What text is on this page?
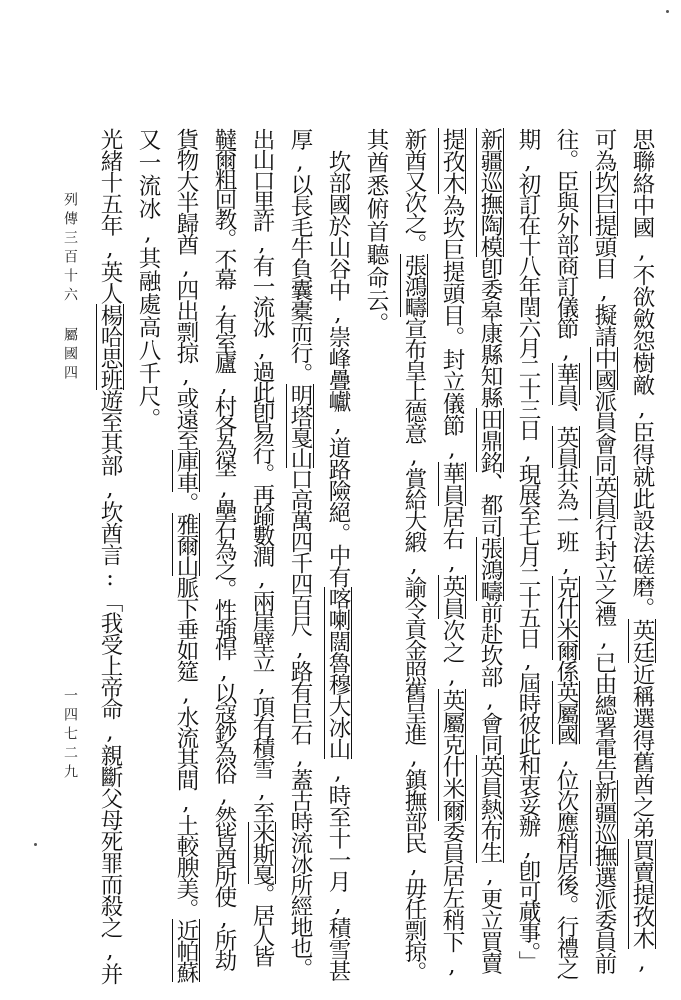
列傳三百十六 屬國四
一四七二九
光緒十五年,英人楊哈思班遊至其部,坎酋言:「我受上帝命,親斷父母死罪而殺之,并
又一流冰,其融處高八千尺。 貨物大半歸酋,四出剽掠,或遠至庫車。雅爾山脈下垂如筵,水流其間,土較腴美。近帕蘇
韃爾粗回教。不幕,有室廬,村各為堡,壘石為之。性強悍,以寇鈔為俗,然皆酋所使,所劫
出山口里許,有一流冰,過此卽易行。再踰數澗,兩崖壁立,頂有積雪,至米斯戛。居人皆
厚,以長毛牛負囊橐而行。明塔戛山口高萬四千四百尺,路有巨石,蓋古時流冰所經地也。
坎部國於山谷中,崇峰疊巘,道路險絕。中有喀喇闊魯穆大冰山,時至十一月,積雪甚
其酋悉俯首聽命云。 新酋又次之。張鴻疇宣布皇上德意,賞給大緞,諭令貢金照舊呈進,鎮撫部民,毋任剽掠。
提孜木為坎巨提頭目。封立儀節,華員居右,英員次之,英屬克什米爾委員居左稍下,
新疆巡撫陶模卽委皋康縣知縣田鼎銘、都司張鴻疇前赴坎部,會同英員熱布生,更立買賣 期,初訂在十八年閏六月二十三日,現展至七月二十五日,屆時彼此和衷妥辦,卽可蕆事。」 往。臣與外部商訂儀節,華員、英員共為一班,克什米爾係英屬國,位次應稍居後。行禮之
可為坎巨提頭目,擬請中國派員會同英員行封立之禮,已由總署電告新疆巡撫選派委員前
思聯絡中國,不欲斂怨樹敵,臣得就此設法磋磨。英廷近稱選得舊酋之弟買賣提孜木,
